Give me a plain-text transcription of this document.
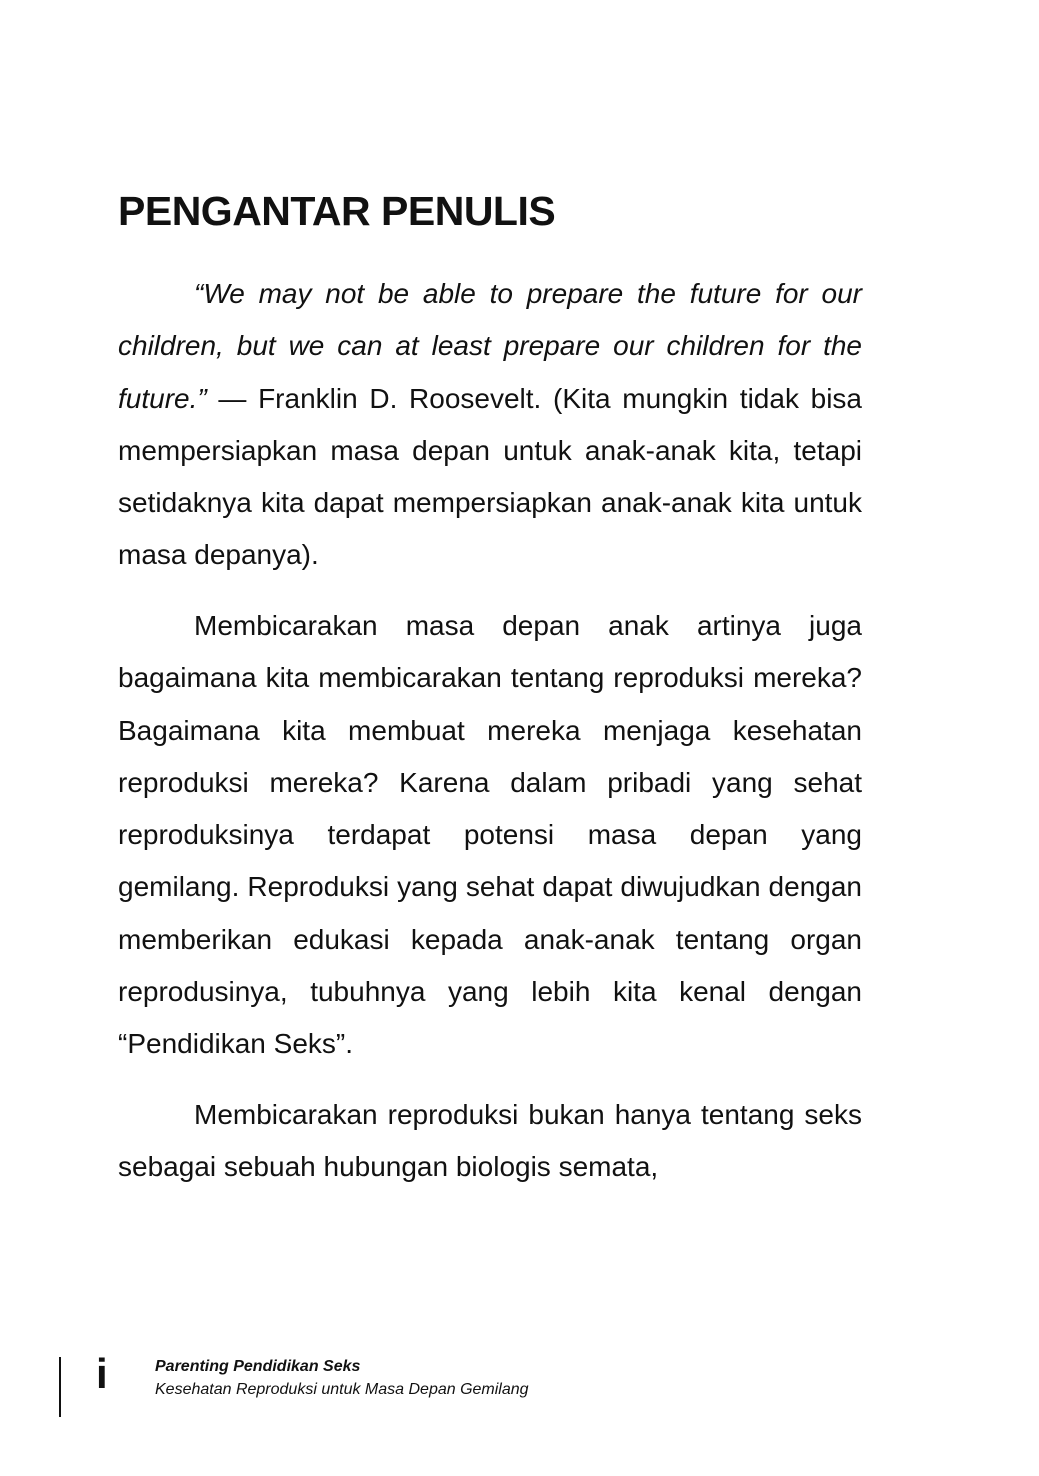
PENGANTAR PENULIS

“We may not be able to prepare the future for our children, but we can at least prepare our children for the future.” — Franklin D. Roosevelt. (Kita mungkin tidak bisa mempersiapkan masa depan untuk anak-anak kita, tetapi setidaknya kita dapat mempersiapkan anak-anak kita untuk masa depanya).

Membicarakan masa depan anak artinya juga bagaimana kita membicarakan tentang reproduksi mereka? Bagaimana kita membuat mereka menjaga kesehatan reproduksi mereka? Karena dalam pribadi yang sehat reproduksinya terdapat potensi masa depan yang gemilang. Reproduksi yang sehat dapat diwujudkan dengan memberikan edukasi kepada anak-anak tentang organ reprodusinya, tubuhnya yang lebih kita kenal dengan “Pendidikan Seks”.

Membicarakan reproduksi bukan hanya tentang seks sebagai sebuah hubungan biologis semata,

i	Parenting Pendidikan Seks
Kesehatan Reproduksi untuk Masa Depan Gemilang
